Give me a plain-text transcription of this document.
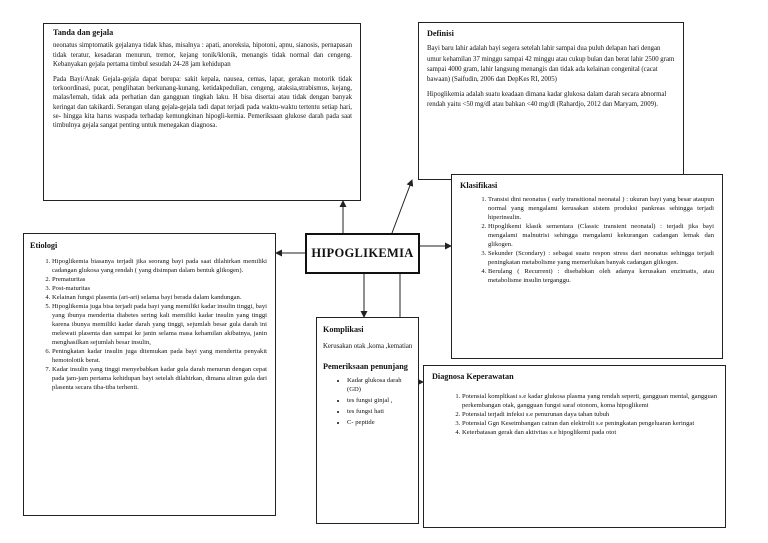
HIPOGLIKEMIA

Tanda dan gejala

neonatus simptomatik gejalanya tidak khas, misalnya : apati, anoreksia, hipotoni, apnu, sianosis, pernapasan tidak teratur, kesadaran menurun, tremor, kejang tonik/klonik, menangis tidak normal dan cengeng. Kebanyakan gejala pertama timbul sesudah 24-28 jam kehidupan

Pada Bayi/Anak Gejala-gejala dapat berupa: sakit kepala, nausea, cemas, lapar, gerakan motorik tidak terkoordinasi, pucat, penglihatan berkunang-kunang, ketidakpedulian, cengeng, ataksia,strabismus, kejang, malas/lemah, tidak ada perhatian dan gangguan tingkah laku. H bisa disertai atau tidak dengan banyak keringat dan takikardi. Serangan ulang gejala-gejala tadi dapat terjadi pada waktu-waktu tertentu setiap hari, se- hingga kita harus waspada terhadap kemungkinan hipogli-kemia. Pemeriksaan glukose darah pada saat timbulnya gejala sangat penting untuk menegakan diagnosa.

Definisi

Bayi baru lahir adalah bayi segera setelah lahir sampai dua puluh delapan hari dengan umur kehamilan 37 minggu sampai 42 minggu atau cukup bulan dan berat lahir 2500 gram sampai 4000 gram, lahir langsung menangis dan tidak ada kelainan congenital (cacat bawaan) (Saifudin, 2006 dan DepKes RI, 2005)

Hipoglikemia adalah suatu keadaan dimana kadar glukosa dalam darah secara abnormal rendah yaitu <50 mg/dl atau bahkan <40 mg/dl (Rahardjo, 2012 dan Maryam, 2009).

Klasifikasi

1. Transisi dini neonatus ( early transitional neonatal ) : ukuran bayi yang besar ataupun normal yang mengalami kerusakan sistem produksi pankreas sehingga terjadi hiperinsulin.
2. Hipoglikemi klasik sementara (Classic transient neonatal) : terjadi jika bayi mengalami malnutrisi sehingga mengalami kekurangan cadangan lemak dan glikogen.
3. Sekunder (Scondary) : sebagai suatu respon stress dari neonatus sehingga terjadi peningkatan metabolisme yang memerlukan banyak cadangan glikogen.
4. Berulang ( Recurrent) : disebabkan oleh adanya kerusakan enzimatis, atau metabolisme insulin terganggu.

Etiologi

1. Hipoglikemia biasanya terjadi jika seorang bayi pada saat dilahirkan memiliki cadangan glukosa yang rendah ( yang disimpan dalam bentuk glikogen).
2. Prematuritas
3. Post-maturitas
4. Kelainan fungsi plasenta (ari-ari) selama bayi berada dalam kandungan.
5. Hipoglikemia juga bisa terjadi pada bayi yang memiliki kadar insulin tinggi, bayi yang ibunya menderita diabetes sering kali memiliki kadar insulin yang tinggi karena ibunya memiliki kadar darah yang tinggi, sejumlah besar gula darah ini melewati plasenta dan sampai ke janin selama masa kehamilan akibatnya, janin menghasilkan sejumlah besar insulin,
6. Peningkatan kadar insulin juga ditemukan pada bayi yang menderita penyakit hemotolotik berat.
7. Kadar insulin yang tinggi menyebabkan kadar gula darah menurun dengan cepat pada jam-jam pertama kehidupan bayi setelah dilahirkan, dimana aliran gula dari plasenta secara tiba-tiba terhenti.

Komplikasi

Kerusakan otak ,koma ,kematian

Pemeriksaan penunjang

• Kadar glukosa darah (GD)
• tes fungsi ginjal ,
• tes fungsi hati
• C- peptide

Diagnosa Keperawatan

1. Potensial komplikasi s.e kadar glukosa plasma yang rendah seperti, gangguan mental, gangguan perkembangan otak, gangguan fungsi saraf otonom, koma hipoglikemi
2. Potensial terjadi infeksi s.e penurunan daya tahan tubuh
3. Potensial Ggn Keseimbangan cairan dan elektrolit s.e peningkatan pengeluaran keringat
4. Keterbatasan gerak dan aktivitas s.e hipoglikemi pada otot
